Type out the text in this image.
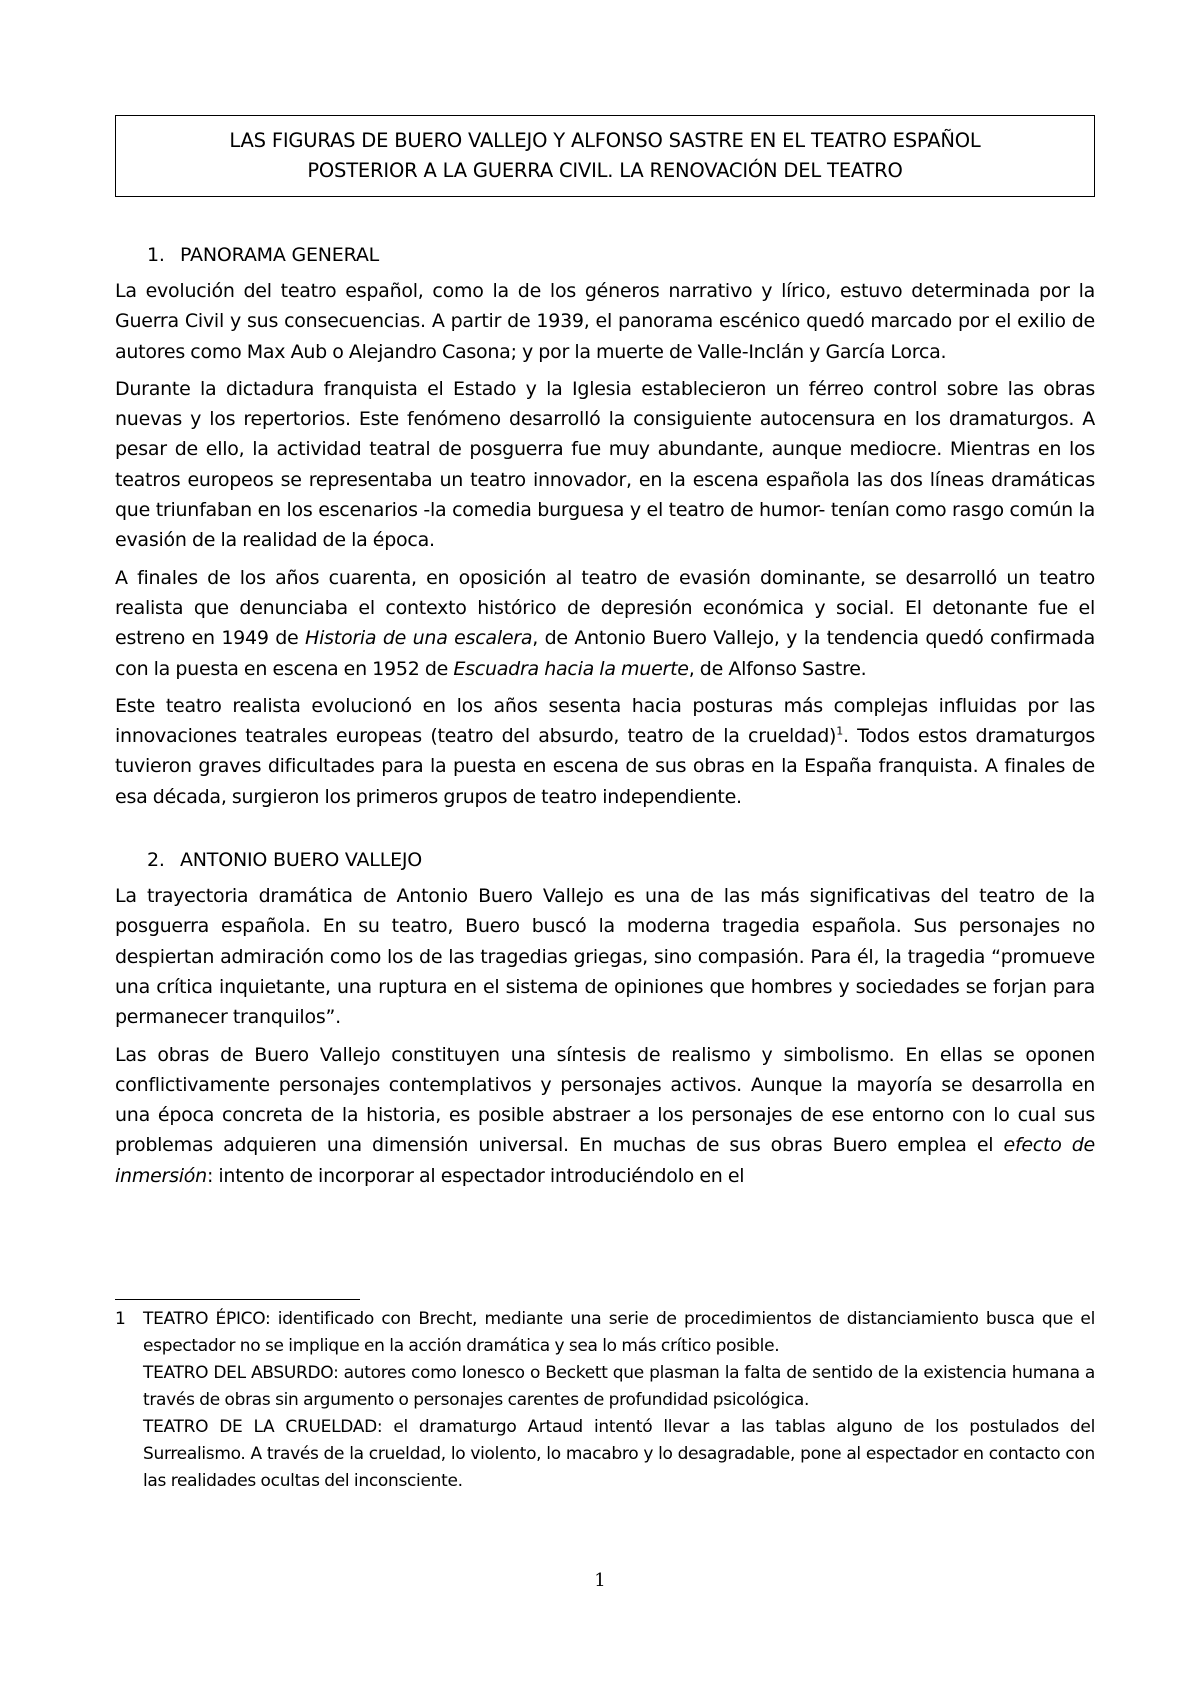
LAS FIGURAS DE BUERO VALLEJO Y ALFONSO SASTRE EN EL TEATRO ESPAÑOL
POSTERIOR A LA GUERRA CIVIL. LA RENOVACIÓN DEL TEATRO
1. PANORAMA GENERAL

La evolución del teatro español, como la de los géneros narrativo y lírico, estuvo determinada por la Guerra Civil y sus consecuencias. A partir de 1939, el panorama escénico quedó marcado por el exilio de autores como Max Aub o Alejandro Casona; y por la muerte de Valle-Inclán y García Lorca.

Durante la dictadura franquista el Estado y la Iglesia establecieron un férreo control sobre las obras nuevas y los repertorios. Este fenómeno desarrolló la consiguiente autocensura en los dramaturgos. A pesar de ello, la actividad teatral de posguerra fue muy abundante, aunque mediocre. Mientras en los teatros europeos se representaba un teatro innovador, en la escena española las dos líneas dramáticas que triunfaban en los escenarios -la comedia burguesa y el teatro de humor- tenían como rasgo común la evasión de la realidad de la época.

A finales de los años cuarenta, en oposición al teatro de evasión dominante, se desarrolló un teatro realista que denunciaba el contexto histórico de depresión económica y social. El detonante fue el estreno en 1949 de Historia de una escalera, de Antonio Buero Vallejo, y la tendencia quedó confirmada con la puesta en escena en 1952 de Escuadra hacia la muerte, de Alfonso Sastre.

Este teatro realista evolucionó en los años sesenta hacia posturas más complejas influidas por las innovaciones teatrales europeas (teatro del absurdo, teatro de la crueldad)$^1$. Todos estos dramaturgos tuvieron graves dificultades para la puesta en escena de sus obras en la España franquista. A finales de esa década, surgieron los primeros grupos de teatro independiente.

2. ANTONIO BUERO VALLEJO

La trayectoria dramática de Antonio Buero Vallejo es una de las más significativas del teatro de la posguerra española. En su teatro, Buero buscó la moderna tragedia española. Sus personajes no despiertan admiración como los de las tragedias griegas, sino compasión. Para él, la tragedia “promueve una crítica inquietante, una ruptura en el sistema de opiniones que hombres y sociedades se forjan para permanecer tranquilos”.

Las obras de Buero Vallejo constituyen una síntesis de realismo y simbolismo. En ellas se oponen conflictivamente personajes contemplativos y personajes activos. Aunque la mayoría se desarrolla en una época concreta de la historia, es posible abstraer a los personajes de ese entorno con lo cual sus problemas adquieren una dimensión universal. En muchas de sus obras Buero emplea el efecto de inmersión: intento de incorporar al espectador introduciéndolo en el

1	TEATRO ÉPICO: identificado con Brecht, mediante una serie de procedimientos de distanciamiento busca que el espectador no se implique en la acción dramática y sea lo más crítico posible.

TEATRO DEL ABSURDO: autores como Ionesco o Beckett que plasman la falta de sentido de la existencia humana a través de obras sin argumento o personajes carentes de profundidad psicológica.

TEATRO DE LA CRUELDAD: el dramaturgo Artaud intentó llevar a las tablas alguno de los postulados del Surrealismo. A través de la crueldad, lo violento, lo macabro y lo desagradable, pone al espectador en contacto con las realidades ocultas del inconsciente.

1
